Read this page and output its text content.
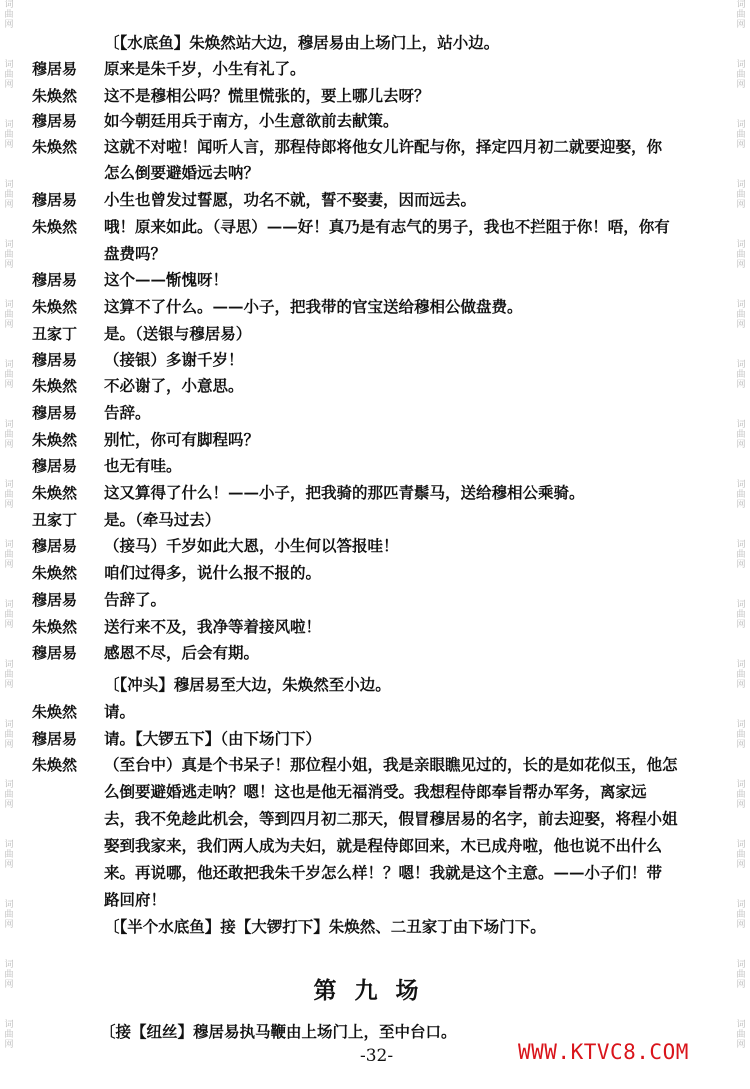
词
曲
网
词
曲
网
词
曲
网
词
曲
网
词
曲
网
词
曲
网
词
曲
网
词
曲
网
词
曲
网
词
曲
网
词
曲
网
词
曲
网
词
曲
网
词
曲
网
词
曲
网
词
曲
网
词
曲
网
词
曲
网
词
曲
网
词
曲
网
词
曲
网
词
曲
网
词
曲
网
词
曲
网
词
曲
网
词
曲
网
词
曲
网
词
曲
网
词
曲
网
词
曲
网
词
曲
网
词
曲
网
词
曲
网
词
曲
网
词
曲
网
词
曲
网
〔【水底鱼】朱焕然站大边，穆居易由上场门上，站小边。
穆居易 原来是朱千岁，小生有礼了。
朱焕然 这不是穆相公吗？慌里慌张的，要上哪儿去呀？
穆居易 如今朝廷用兵于南方，小生意欲前去献策。
朱焕然 这就不对啦！闻听人言，那程侍郎将他女儿许配与你，择定四月初二就要迎娶，你
怎么倒要避婚远去呐？
穆居易 小生也曾发过誓愿，功名不就，誓不娶妻，因而远去。
朱焕然 哦！原来如此。（寻思）——好！真乃是有志气的男子，我也不拦阻于你！唔，你有
盘费吗？
穆居易 这个——惭愧呀！
朱焕然 这算不了什么。——小子，把我带的官宝送给穆相公做盘费。
丑家丁 是。（送银与穆居易）
穆居易 （接银）多谢千岁！
朱焕然 不必谢了，小意思。
穆居易 告辞。
朱焕然 别忙，你可有脚程吗？
穆居易 也无有哇。
朱焕然 这又算得了什么！——小子，把我骑的那匹青鬃马，送给穆相公乘骑。
丑家丁 是。（牵马过去）
穆居易 （接马）千岁如此大恩，小生何以答报哇！
朱焕然 咱们过得多，说什么报不报的。
穆居易 告辞了。
朱焕然 送行来不及，我净等着接风啦！
穆居易 感恩不尽，后会有期。
〔【冲头】穆居易至大边，朱焕然至小边。
朱焕然 请。
穆居易 请。【大锣五下】（由下场门下）
朱焕然 （至台中）真是个书呆子！那位程小姐，我是亲眼瞧见过的，长的是如花似玉，他怎
么倒要避婚逃走呐？嗯！这也是他无福消受。我想程侍郎奉旨帮办军务，离家远
去，我不免趁此机会，等到四月初二那天，假冒穆居易的名字，前去迎娶，将程小姐
娶到我家来，我们两人成为夫妇，就是程侍郎回来，木已成舟啦，他也说不出什么
来。再说哪，他还敢把我朱千岁怎么样！？嗯！我就是这个主意。——小子们！带
路回府！
〔【半个水底鱼】接【大锣打下】朱焕然、二丑家丁由下场门下。
第九场
〔接【纽丝】穆居易执马鞭由上场门上，至中台口。
-32-	WWW.KTVC8.COM
